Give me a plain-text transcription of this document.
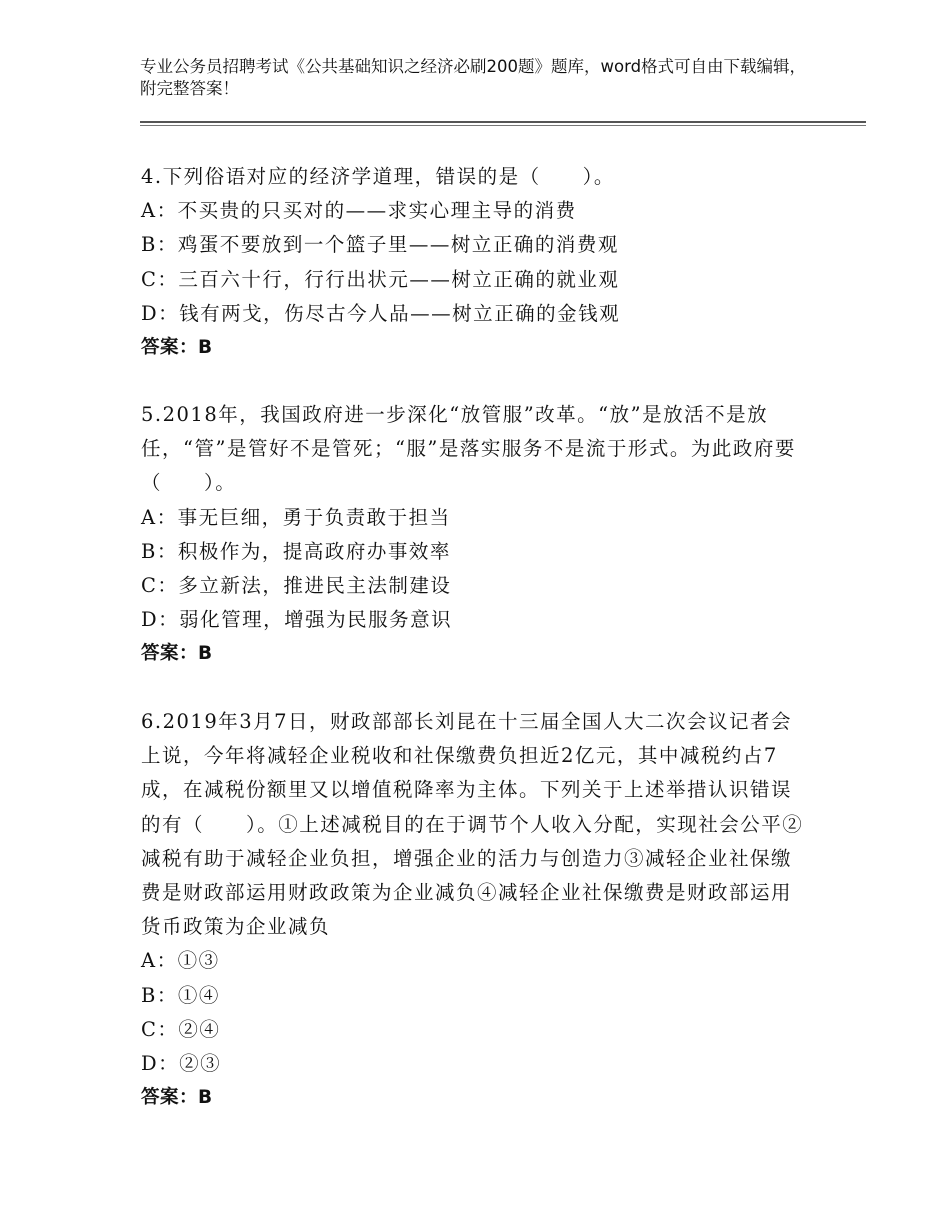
专业公务员招聘考试《公共基础知识之经济必刷200题》题库，word格式可自由下载编辑，附完整答案！

4.下列俗语对应的经济学道理，错误的是（　　）。

A：不买贵的只买对的——求实心理主导的消费

B：鸡蛋不要放到一个篮子里——树立正确的消费观

C：三百六十行，行行出状元——树立正确的就业观

D：钱有两戈，伤尽古今人品——树立正确的金钱观

答案：B

5.2018年，我国政府进一步深化“放管服”改革。“放”是放活不是放任，“管”是管好不是管死；“服”是落实服务不是流于形式。为此政府要（　　）。

A：事无巨细，勇于负责敢于担当

B：积极作为，提高政府办事效率

C：多立新法，推进民主法制建设

D：弱化管理，增强为民服务意识

答案：B

6.2019年3月7日，财政部部长刘昆在十三届全国人大二次会议记者会上说，今年将减轻企业税收和社保缴费负担近2亿元，其中减税约占7成，在减税份额里又以增值税降率为主体。下列关于上述举措认识错误的有（　　）。①上述减税目的在于调节个人收入分配，实现社会公平②减税有助于减轻企业负担，增强企业的活力与创造力③减轻企业社保缴费是财政部运用财政政策为企业减负④减轻企业社保缴费是财政部运用货币政策为企业减负

A：①③

B：①④

C：②④

D：②③

答案：B
